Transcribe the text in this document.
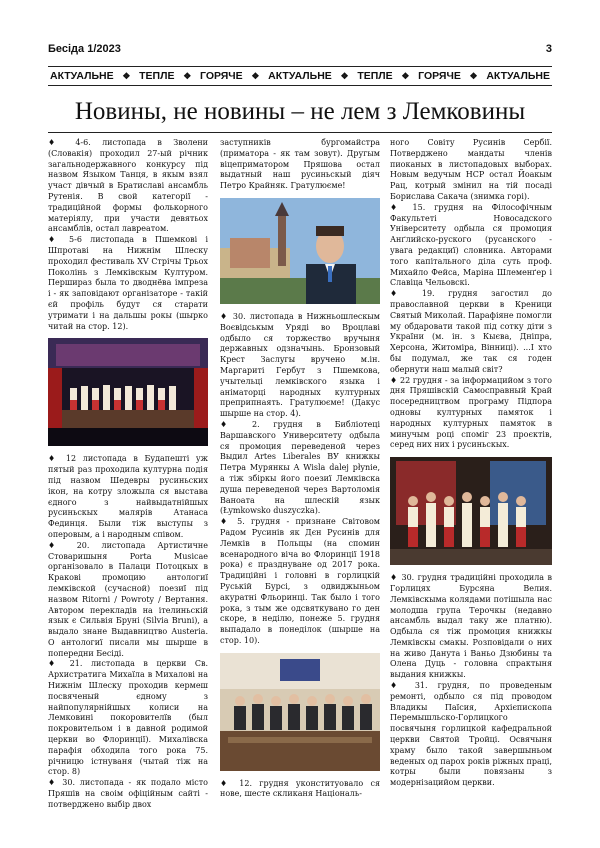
Бесіда 1/2023	3
АКТУАЛЬНЕ ❖ ТЕПЛЕ ❖ ГОРЯЧЕ ❖ АКТУАЛЬНЕ ❖ ТЕПЛЕ ❖ ГОРЯЧЕ ❖ АКТУАЛЬНЕ
Новины, не новины – не лем з Лемковины

♦ 4-6. листопада в Зволени (Словакія) проходил 27-ый річник загальнодержавного конкурсу під назвом Языком Танця, в якым взял участ дівчый в Братиславі ансамбль Рутенія. В свой категорії - традиційной формы фолькорного матеріялу, при участи девятьох ансамблів, остал лавреатом.

♦ 5-6 листопада в Пшемкові і Шпротаві на Нижнім Шлеску проходил фестиваль XV Стрічы Трьох Поколінь з Лемківскым Културом. Першираз была то дводнёва імпреза і - як заповідают організаторе - такій єй профіль будут ся старати утримати і на дальшы рокы (шырко читай на стор. 12).

♦ 12 листопада в Будапешті уж пятый раз проходила културна подія під назвом Шедевры русиньских ікон, на котру зложыла ся выстава єдного з найвыдатнійшых русиньскых малярів Атанаса Фединця. Были тіж выступы з оперовым, а і народным співом.

♦ 20. листопада Артистичне Стоваришыня Porta Musicae організовало в Палаци Потоцкых в Кракові промоцию антологиї лемківской (сучасной) поезиї під назвом Ritorni / Powroty / Вертання. Автором перекладів на ітелиньскій язык є Сильвія Бруні (Silvia Bruni), а выдало знане Выдавництво Austeria. О антологиї писали мы шырше в попередни Бесіді.

♦ 21. листопада в церкви Св. Архистратига Михаїла в Михалові на Нижнім Шлеску проходив кермеш посвяченый єдному з найпопулярнійшых колиси на Лемковині покоровителїв (был покровительом і в давной родимой церкви во Флоринції). Михалівска парафія обходила того рока 75. річницю істнуваня (чытай тіж на стор. 8)

♦ 30. листопада - як подало місто Пряшів на своім офіційным сайті - потверджено выбір двох

заступників бургомайстра (приматора - як там зовут). Другым віцеприматором Пряшова остал выдатный наш русиньскый діяч Петро Крайняк. Гратулюєме!

♦ 30. листопада в Нижньошлескым Воєвідськым Уряді во Вроцлаві одбыло ся торжество вручыня державных одзначынь. Бронзовый Крест Заслугы вручено м.ін. Маргариті Гербут з Пшемкова, учытельці лемківского языка і аніматорці народных културных преприпнаять. Гратулюєме! (Дакус шырше на стор. 4).

♦ 2. грудня в Библіотеці Варшавского Университету одбыла ся промоция переведеной через Выдил Artes Liberales ВУ книжкы Петра Мурянкы A Wisla dalej płynie, а тіж збіркы його поезиї Лемківска душа переведеной через Вартоломія Ваноата на шлескій язык (Łymkowsko duszyczka).

♦ 5. грудня - признане Світовом Радом Русинів як Дєн Русинів для Лемків в Польщы (на спомин всенародного віча во Флоринції 1918 рока) є празднуване од 2017 рока. Традиційні і головні в горлицкій Руській Бурсі, з одвиджыньом акуратні Фльоринці. Так было і того рока, з тым же одсвяткувано го ден скоре, в неділю, понеже 5. грудня выпадало в понеділок (шырше на стор. 10).

♦ 12. грудня уконституовало ся нове, шесте скликаня Національ-

ного Совіту Русинів Сербії. Потверджено мандаты членів пиоканых в листопадовых выборах. Новым ведучым НСР остал Йоакым Рац, котрый змінил на тій посаді Бориславa Сакача (знимка горі).

♦ 15. грудня на Філософічным Факультеті Новосадского Універcитету одбыла ся промоция Анґлийско-руского (русанского - увага редакциї) словника. Авторами того капітального діла суть проф. Михайло Фейса, Маріна Шлеменґер і Славіца Чельовскі.

♦ 19. грудня загостил до православной церкви в Креници Святый Миколай. Парафіяне помогли му обдаровати такой під сотку діти з України (м. ін. з Кыєва, Дніпра, Херсона, Житоміра, Вінниці). ...І хто бы подумал, же так ся годен обернути наш малый світ?

♦ 22 грудня - за інформацийом з того дня Пряшівскій Самосправный Край посередництвом програму Підпора одновы културных памяток і народных културных памяток в минучым році споміг 23 проєктів, серед них них і русиньскых.

♦ 30. грудня традиційні проходила в Горлицях Бурсяна Велия. Лемківскыма колядами потішыла нас молодша група Терочкы (недавно ансамбль выдал таку же платню). Одбыла ся тіж промоция книжкы Лемківскы смакы. Розповідали о них на живо Данута і Ваньо Дзюбины та Олена Дуць - головна спрактыня выдания книжкы.

♦ 31. грудня, по проведеным ремонті, одбыло ся під проводом Владикы Паїсия, Архієпископа Перемышльско-Горлицкого посвячыня горлицкой кафедральной церкви Святой Тройці. Освячыня храму было такой завершыньом веденых од парох років ріжных праці, котры были повязаны з модернізацийом церкви.
